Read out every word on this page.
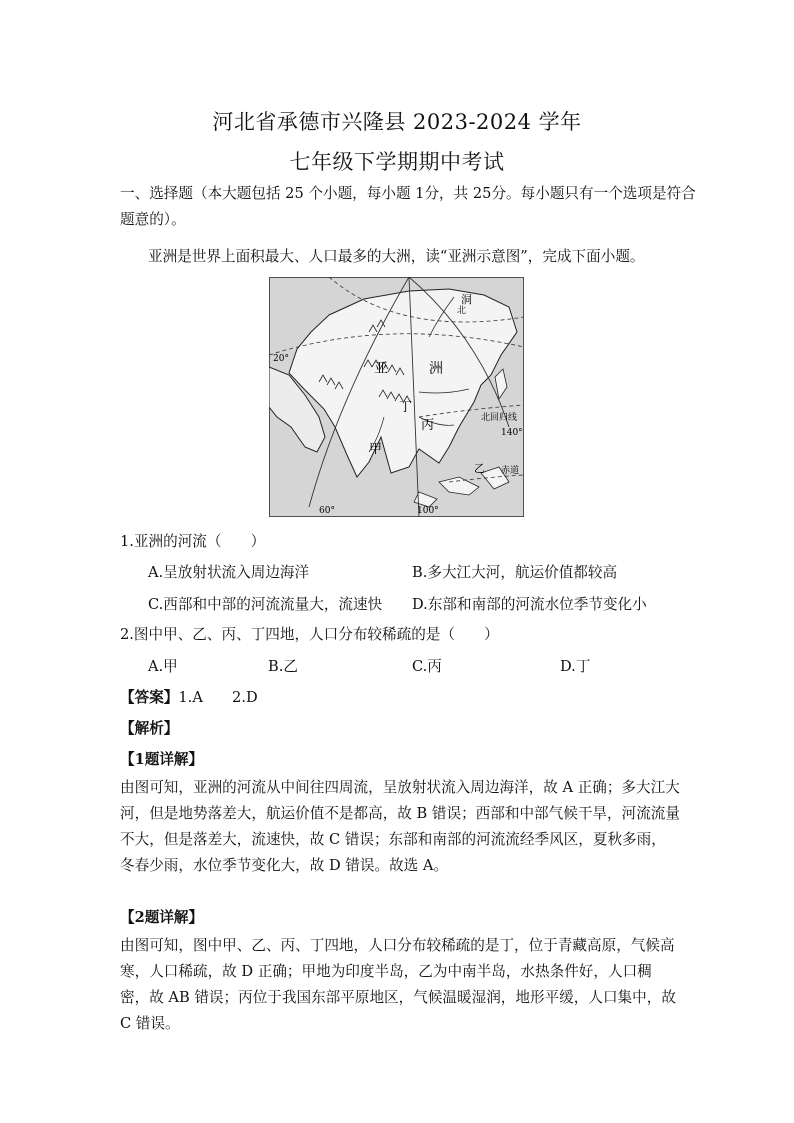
河北省承德市兴隆县 2023-2024 学年
七年级下学期期中考试
一、选择题（本大题包括 25 个小题，每小题 1分，共 25分。每小题只有一个选项是符合
题意的）。
亚洲是世界上面积最大、人口最多的大洲，读“亚洲示意图”，完成下面小题。
亚	洲
丁
丙
甲
乙
洞
北
北回归线
赤道
20°
60°	100°
140°
1.亚洲的河流（　　）
A.呈放射状流入周边海洋	B.多大江大河，航运价值都较高
C.西部和中部的河流流量大，流速快 D.东部和南部的河流水位季节变化小
2.图中甲、乙、丙、丁四地，人口分布较稀疏的是（　　）
A.甲	B.乙	C.丙	D.丁
【答案】1.A　　2.D
【解析】
【1题详解】
由图可知，亚洲的河流从中间往四周流，呈放射状流入周边海洋，故 A 正确；多大江大河，但是地势落差大，航运价值不是都高，故 B 错误；西部和中部气候干旱，河流流量不大，但是落差大，流速快，故 C 错误；东部和南部的河流流经季风区，夏秋多雨，冬春少雨，水位季节变化大，故 D 错误。故选 A。
【2题详解】
由图可知，图中甲、乙、丙、丁四地，人口分布较稀疏的是丁，位于青藏高原，气候高寒，人口稀疏，故 D 正确；甲地为印度半岛，乙为中南半岛，水热条件好，人口稠密，故 AB 错误；丙位于我国东部平原地区，气候温暖湿润，地形平缓，人口集中，故 C 错误。
